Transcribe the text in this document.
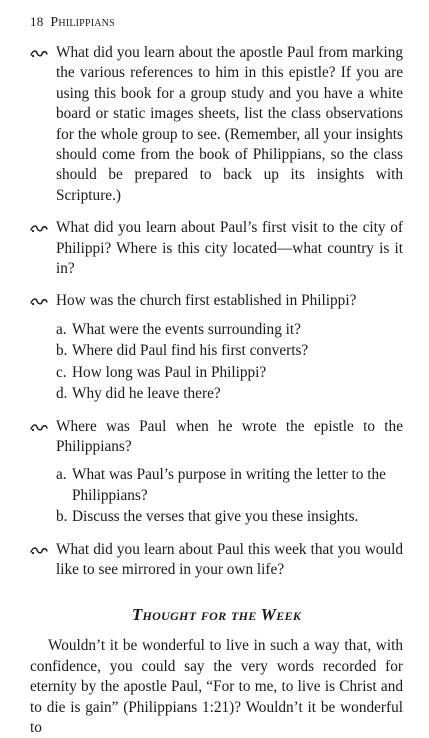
18 Philippians

What did you learn about the apostle Paul from marking the various references to him in this epistle? If you are using this book for a group study and you have a white board or static images sheets, list the class observations for the whole group to see. (Remember, all your insights should come from the book of Philippians, so the class should be prepared to back up its insights with Scripture.)

What did you learn about Paul’s first visit to the city of Philippi? Where is this city located—what country is it in?

How was the church first established in Philippi?

a. What were the events surrounding it?
b. Where did Paul find his first converts?
c. How long was Paul in Philippi?
d. Why did he leave there?

Where was Paul when he wrote the epistle to the Philippians?

a. What was Paul’s purpose in writing the letter to the Philippians?
b. Discuss the verses that give you these insights.

What did you learn about Paul this week that you would like to see mirrored in your own life?

Thought for the Week

Wouldn’t it be wonderful to live in such a way that, with confidence, you could say the very words recorded for eternity by the apostle Paul, “For to me, to live is Christ and to die is gain” (Philippians 1:21)? Wouldn’t it be wonderful to
